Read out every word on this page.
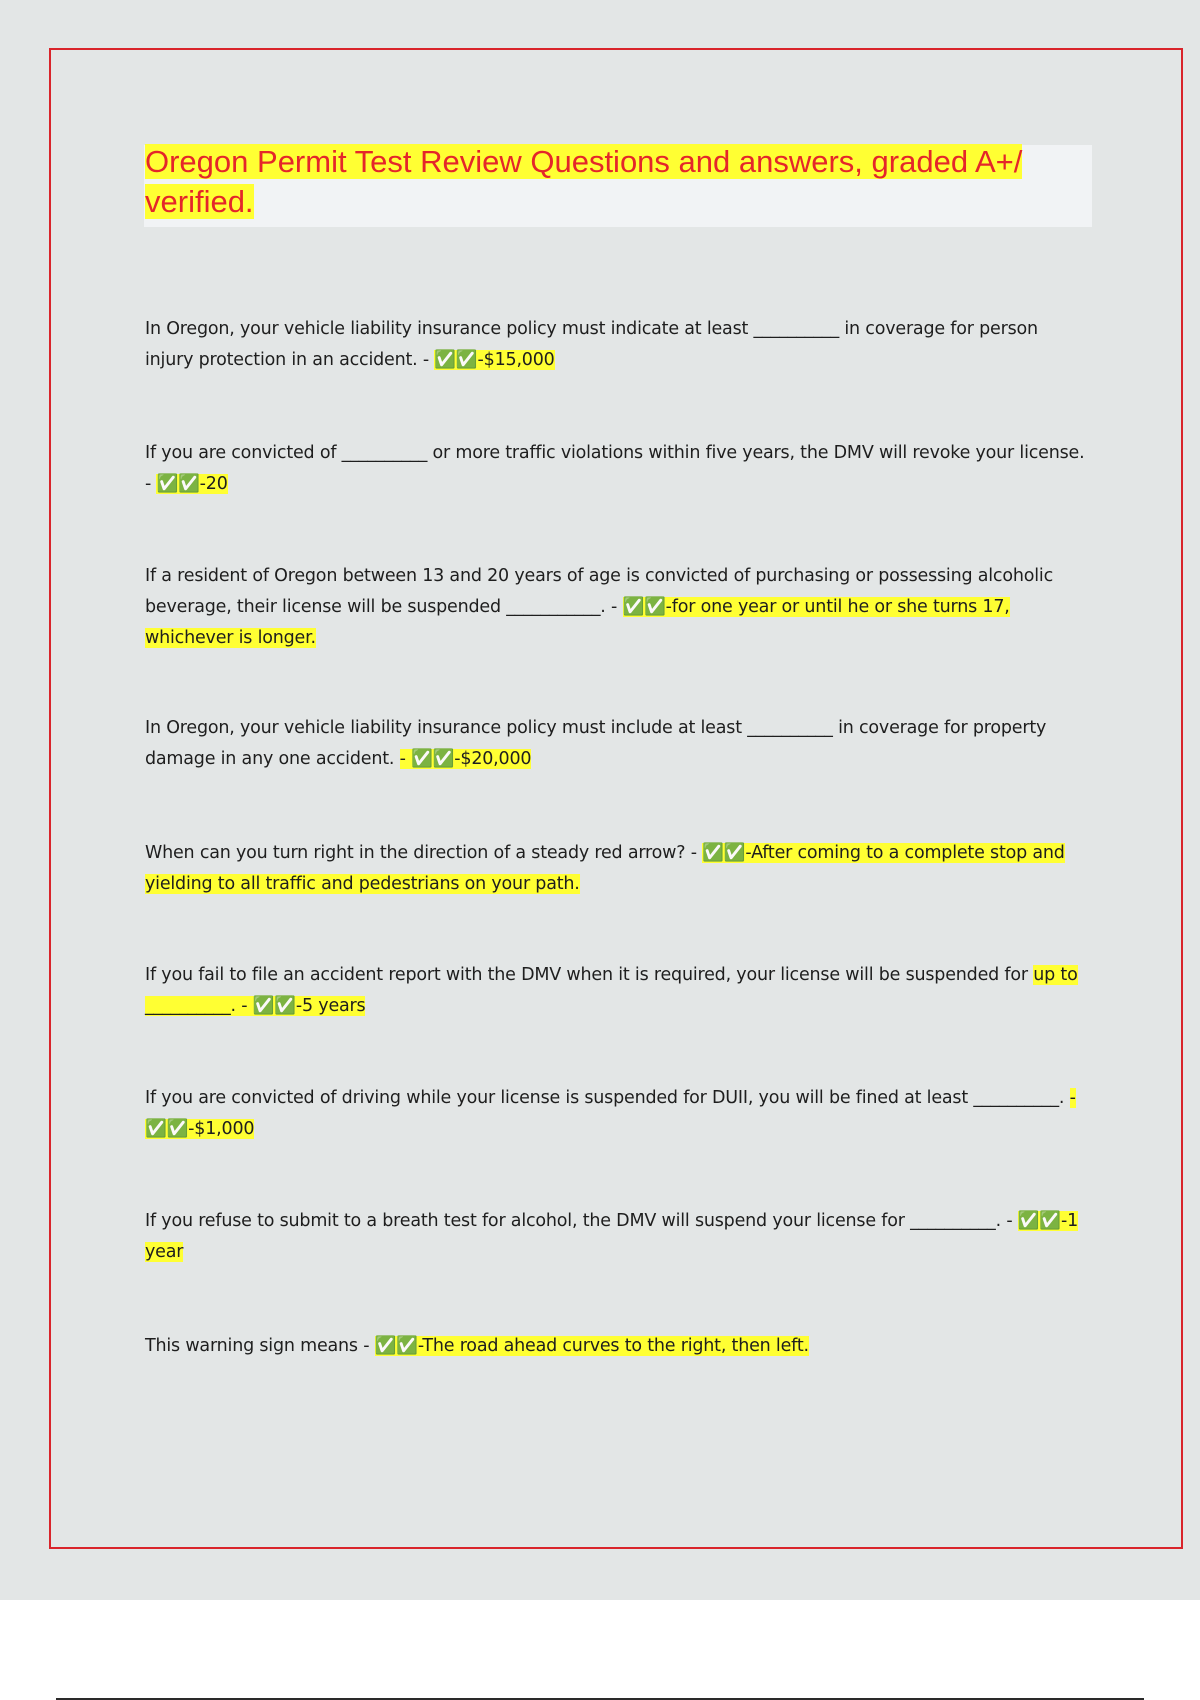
Oregon Permit Test Review Questions and answers, graded A+/ verified.

In Oregon, your vehicle liability insurance policy must indicate at least __________ in coverage for person injury protection in an accident. - ✅✅-$15,000

If you are convicted of __________ or more traffic violations within five years, the DMV will revoke your license. - ✅✅-20

If a resident of Oregon between 13 and 20 years of age is convicted of purchasing or possessing alcoholic beverage, their license will be suspended ___________. - ✅✅-for one year or until he or she turns 17, whichever is longer.

In Oregon, your vehicle liability insurance policy must include at least __________ in coverage for property damage in any one accident. - ✅✅-$20,000

When can you turn right in the direction of a steady red arrow? - ✅✅-After coming to a complete stop and yielding to all traffic and pedestrians on your path.

If you fail to file an accident report with the DMV when it is required, your license will be suspended for up to __________. - ✅✅-5 years

If you are convicted of driving while your license is suspended for DUII, you will be fined at least __________. - ✅✅-$1,000

If you refuse to submit to a breath test for alcohol, the DMV will suspend your license for __________. - ✅✅-1 year

This warning sign means - ✅✅-The road ahead curves to the right, then left.
